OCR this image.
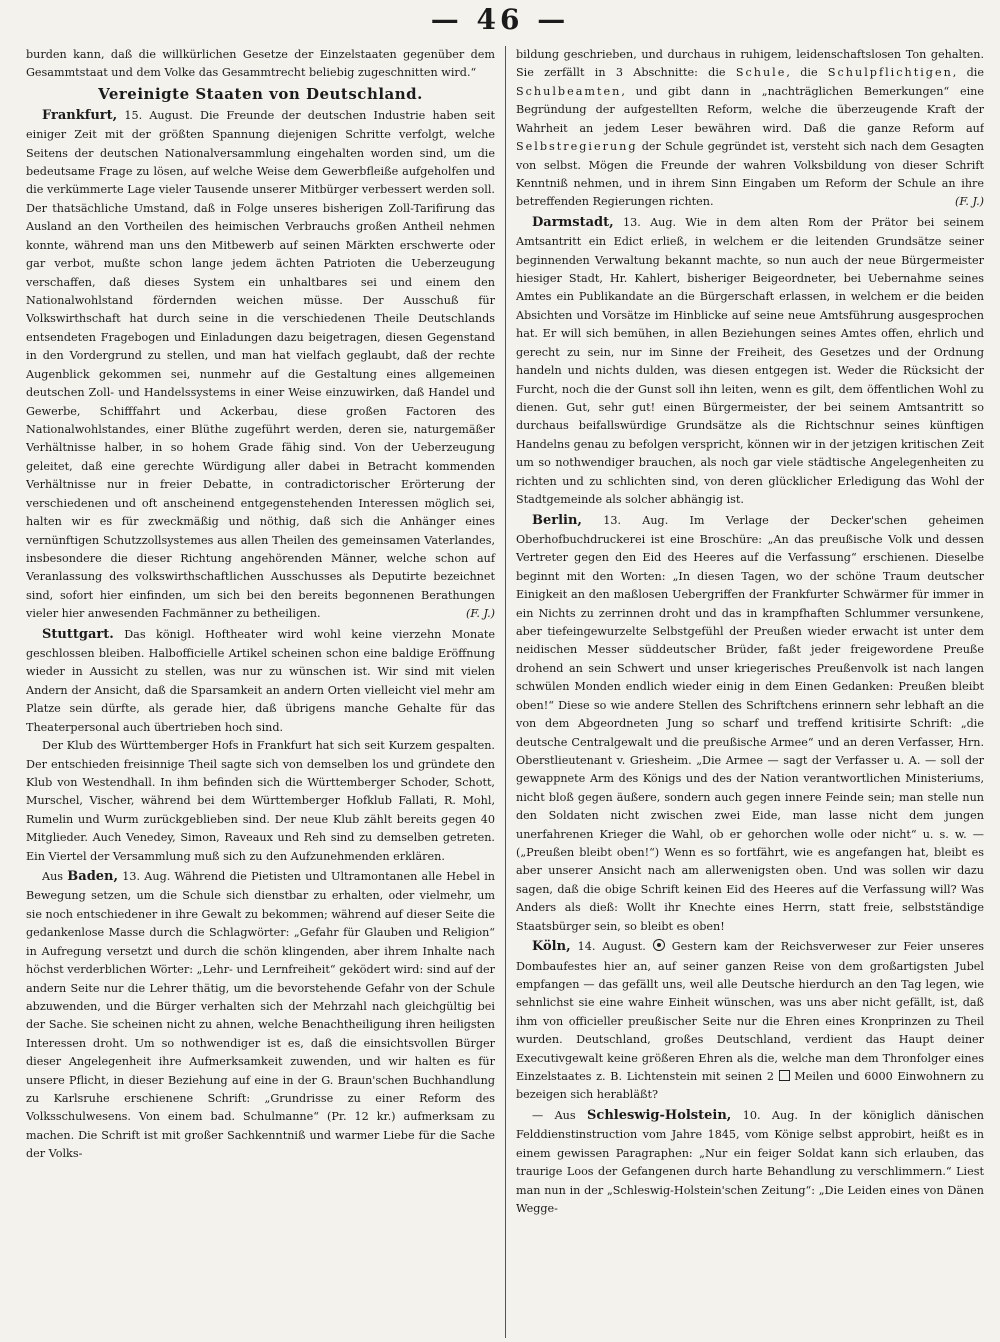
— 46 —

burden kann, daß die willkürlichen Gesetze der Einzelstaaten gegenüber dem Gesammtstaat und dem Volke das Gesammtrecht beliebig zugeschnitten wird.“

Vereinigte Staaten von Deutschland.

Frankfurt, 15. August. Die Freunde der deutschen Industrie haben seit einiger Zeit mit der größten Spannung diejenigen Schritte verfolgt, welche Seitens der deutschen Nationalversammlung eingehalten worden sind, um die bedeutsame Frage zu lösen, auf welche Weise dem Gewerbfleiße aufgeholfen und die verkümmerte Lage vieler Tausende unserer Mitbürger verbessert werden soll. Der thatsächliche Umstand, daß in Folge unseres bisherigen Zoll-Tarifirung das Ausland an den Vortheilen des heimischen Verbrauchs großen Antheil nehmen konnte, während man uns den Mitbewerb auf seinen Märkten erschwerte oder gar verbot, mußte schon lange jedem ächten Patrioten die Ueberzeugung verschaffen, daß dieses System ein unhaltbares sei und einem den Nationalwohlstand fördernden weichen müsse. Der Ausschuß für Volkswirthschaft hat durch seine in die verschiedenen Theile Deutschlands entsendeten Fragebogen und Einladungen dazu beigetragen, diesen Gegenstand in den Vordergrund zu stellen, und man hat vielfach geglaubt, daß der rechte Augenblick gekommen sei, nunmehr auf die Gestaltung eines allgemeinen deutschen Zoll- und Handelssystems in einer Weise einzuwirken, daß Handel und Gewerbe, Schifffahrt und Ackerbau, diese großen Factoren des Nationalwohlstandes, einer Blüthe zugeführt werden, deren sie, naturgemäßer Verhältnisse halber, in so hohem Grade fähig sind. Von der Ueberzeugung geleitet, daß eine gerechte Würdigung aller dabei in Betracht kommenden Verhältnisse nur in freier Debatte, in contradictorischer Erörterung der verschiedenen und oft anscheinend entgegenstehenden Interessen möglich sei, halten wir es für zweckmäßig und nöthig, daß sich die Anhänger eines vernünftigen Schutzzollsystemes aus allen Theilen des gemeinsamen Vaterlandes, insbesondere die dieser Richtung angehörenden Männer, welche schon auf Veranlassung des volkswirthschaftlichen Ausschusses als Deputirte bezeichnet sind, sofort hier einfinden, um sich bei den bereits begonnenen Berathungen vieler hier anwesenden Fachmänner zu betheiligen.	(F. J.)

Stuttgart. Das königl. Hoftheater wird wohl keine vierzehn Monate geschlossen bleiben. Halbofficielle Artikel scheinen schon eine baldige Eröffnung wieder in Aussicht zu stellen, was nur zu wünschen ist. Wir sind mit vielen Andern der Ansicht, daß die Sparsamkeit an andern Orten vielleicht viel mehr am Platze sein dürfte, als gerade hier, daß übrigens manche Gehalte für das Theaterpersonal auch übertrieben hoch sind.

Der Klub des Württemberger Hofs in Frankfurt hat sich seit Kurzem gespalten. Der entschieden freisinnige Theil sagte sich von demselben los und gründete den Klub von Westendhall. In ihm befinden sich die Württemberger Schoder, Schott, Murschel, Vischer, während bei dem Württemberger Hofklub Fallati, R. Mohl, Rumelin und Wurm zurückgeblieben sind. Der neue Klub zählt bereits gegen 40 Mitglieder. Auch Venedey, Simon, Raveaux und Reh sind zu demselben getreten. Ein Viertel der Versammlung muß sich zu den Aufzunehmenden erklären.

Aus Baden, 13. Aug. Während die Pietisten und Ultramontanen alle Hebel in Bewegung setzen, um die Schule sich dienstbar zu erhalten, oder vielmehr, um sie noch entschiedener in ihre Gewalt zu bekommen; während auf dieser Seite die gedankenlose Masse durch die Schlagwörter: „Gefahr für Glauben und Religion“ in Aufregung versetzt und durch die schön klingenden, aber ihrem Inhalte nach höchst verderblichen Wörter: „Lehr- und Lernfreiheit“ geködert wird: sind auf der andern Seite nur die Lehrer thätig, um die bevorstehende Gefahr von der Schule abzuwenden, und die Bürger verhalten sich der Mehrzahl nach gleichgültig bei der Sache. Sie scheinen nicht zu ahnen, welche Benachtheiligung ihren heiligsten Interessen droht. Um so nothwendiger ist es, daß die einsichtsvollen Bürger dieser Angelegenheit ihre Aufmerksamkeit zuwenden, und wir halten es für unsere Pflicht, in dieser Beziehung auf eine in der G. Braun'schen Buchhandlung zu Karlsruhe erschienene Schrift: „Grundrisse zu einer Reform des Volksschulwesens. Von einem bad. Schulmanne“ (Pr. 12 kr.) aufmerksam zu machen. Die Schrift ist mit großer Sachkenntniß und warmer Liebe für die Sache der Volks-

bildung geschrieben, und durchaus in ruhigem, leidenschaftslosen Ton gehalten. Sie zerfällt in 3 Abschnitte: die Schule, die Schulpflichtigen, die Schulbeamten, und gibt dann in „nachträglichen Bemerkungen“ eine Begründung der aufgestellten Reform, welche die überzeugende Kraft der Wahrheit an jedem Leser bewähren wird. Daß die ganze Reform auf Selbstregierung der Schule gegründet ist, versteht sich nach dem Gesagten von selbst. Mögen die Freunde der wahren Volksbildung von dieser Schrift Kenntniß nehmen, und in ihrem Sinn Eingaben um Reform der Schule an ihre betreffenden Regierungen richten.	(F. J.)

Darmstadt, 13. Aug. Wie in dem alten Rom der Prätor bei seinem Amtsantritt ein Edict erließ, in welchem er die leitenden Grundsätze seiner beginnenden Verwaltung bekannt machte, so nun auch der neue Bürgermeister hiesiger Stadt, Hr. Kahlert, bisheriger Beigeordneter, bei Uebernahme seines Amtes ein Publikandate an die Bürgerschaft erlassen, in welchem er die beiden Absichten und Vorsätze im Hinblicke auf seine neue Amtsführung ausgesprochen hat. Er will sich bemühen, in allen Beziehungen seines Amtes offen, ehrlich und gerecht zu sein, nur im Sinne der Freiheit, des Gesetzes und der Ordnung handeln und nichts dulden, was diesen entgegen ist. Weder die Rücksicht der Furcht, noch die der Gunst soll ihn leiten, wenn es gilt, dem öffentlichen Wohl zu dienen. Gut, sehr gut! einen Bürgermeister, der bei seinem Amtsantritt so durchaus beifallswürdige Grundsätze als die Richtschnur seines künftigen Handelns genau zu befolgen verspricht, können wir in der jetzigen kritischen Zeit um so nothwendiger brauchen, als noch gar viele städtische Angelegenheiten zu richten und zu schlichten sind, von deren glücklicher Erledigung das Wohl der Stadtgemeinde als solcher abhängig ist.

Berlin, 13. Aug. Im Verlage der Decker'schen geheimen Oberhofbuchdruckerei ist eine Broschüre: „An das preußische Volk und dessen Vertreter gegen den Eid des Heeres auf die Verfassung“ erschienen. Dieselbe beginnt mit den Worten: „In diesen Tagen, wo der schöne Traum deutscher Einigkeit an den maßlosen Uebergriffen der Frankfurter Schwärmer für immer in ein Nichts zu zerrinnen droht und das in krampfhaften Schlummer versunkene, aber tiefeingewurzelte Selbstgefühl der Preußen wieder erwacht ist unter dem neidischen Messer süddeutscher Brüder, faßt jeder freigewordene Preuße drohend an sein Schwert und unser kriegerisches Preußenvolk ist nach langen schwülen Monden endlich wieder einig in dem Einen Gedanken: Preußen bleibt oben!“ Diese so wie andere Stellen des Schriftchens erinnern sehr lebhaft an die von dem Abgeordneten Jung so scharf und treffend kritisirte Schrift: „die deutsche Centralgewalt und die preußische Armee“ und an deren Verfasser, Hrn. Oberstlieutenant v. Griesheim. „Die Armee — sagt der Verfasser u. A. — soll der gewappnete Arm des Königs und des der Nation verantwortlichen Ministeriums, nicht bloß gegen äußere, sondern auch gegen innere Feinde sein; man stelle nun den Soldaten nicht zwischen zwei Eide, man lasse nicht dem jungen unerfahrenen Krieger die Wahl, ob er gehorchen wolle oder nicht“ u. s. w. — („Preußen bleibt oben!“) Wenn es so fortfährt, wie es angefangen hat, bleibt es aber unserer Ansicht nach am allerwenigsten oben. Und was sollen wir dazu sagen, daß die obige Schrift keinen Eid des Heeres auf die Verfassung will? Was Anders als dieß: Wollt ihr Knechte eines Herrn, statt freie, selbstständige Staatsbürger sein, so bleibt es oben!

Köln, 14. August.  Gestern kam der Reichsverweser zur Feier unseres Dombaufestes hier an, auf seiner ganzen Reise von dem großartigsten Jubel empfangen — das gefällt uns, weil alle Deutsche hierdurch an den Tag legen, wie sehnlichst sie eine wahre Einheit wünschen, was uns aber nicht gefällt, ist, daß ihm von officieller preußischer Seite nur die Ehren eines Kronprinzen zu Theil wurden. Deutschland, großes Deutschland, verdient das Haupt deiner Executivgewalt keine größeren Ehren als die, welche man dem Thronfolger eines Einzelstaates z. B. Lichtenstein mit seinen 2  Meilen und 6000 Einwohnern zu bezeigen sich herabläßt?

— Aus Schleswig-Holstein, 10. Aug. In der königlich dänischen Felddienstinstruction vom Jahre 1845, vom Könige selbst approbirt, heißt es in einem gewissen Paragraphen: „Nur ein feiger Soldat kann sich erlauben, das traurige Loos der Gefangenen durch harte Behandlung zu verschlimmern.“ Liest man nun in der „Schleswig-Holstein'schen Zeitung“: „Die Leiden eines von Dänen Wegge-
